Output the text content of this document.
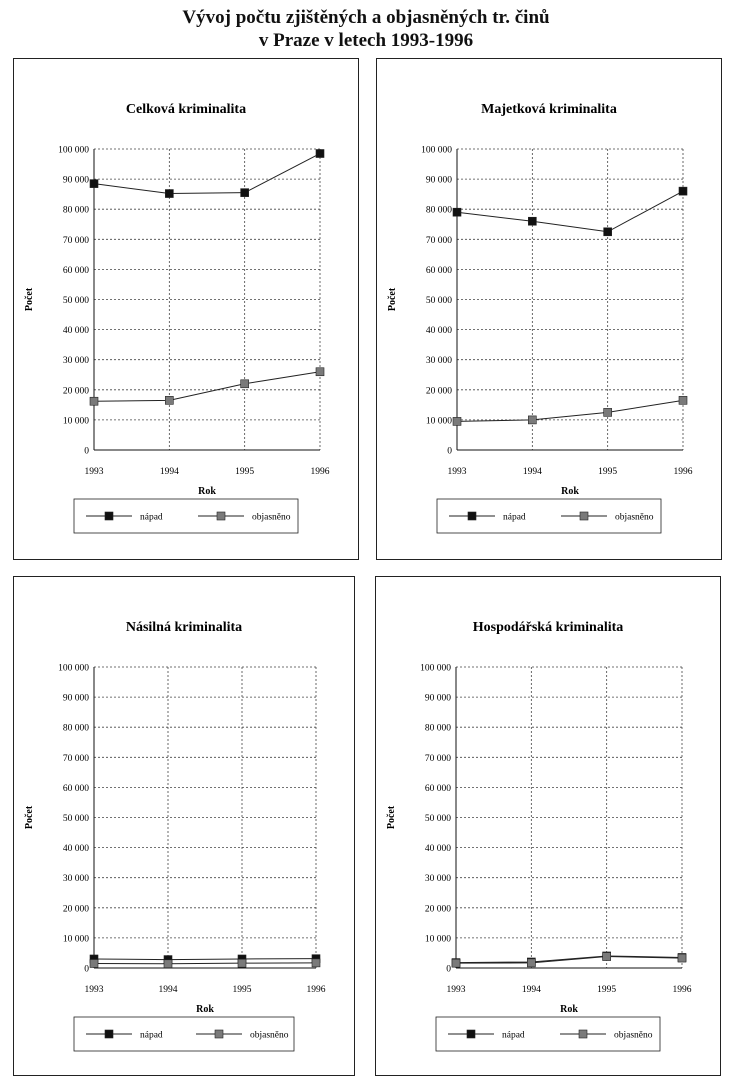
Vývoj počtu zjištěných a objasněných tr. činů
v Praze v letech 1993-1996
Celková kriminalita
0
10 000
20 000
30 000
40 000
50 000
60 000
70 000
80 000
90 000
100 000
1993	1994	1995	1996
Rok
Počet
nápad	objasněno
Majetková kriminalita
0
10 000
20 000
30 000
40 000
50 000
60 000
70 000
80 000
90 000
100 000
1993	1994	1995	1996
Rok
Počet
nápad	objasněno
Násilná kriminalita
0
10 000
20 000
30 000
40 000
50 000
60 000
70 000
80 000
90 000
100 000
1993	1994	1995	1996
Rok
Počet
nápad	objasněno
Hospodářská kriminalita
0
10 000
20 000
30 000
40 000
50 000
60 000
70 000
80 000
90 000
100 000
1993	1994	1995	1996
Rok
Počet
nápad	objasněno
